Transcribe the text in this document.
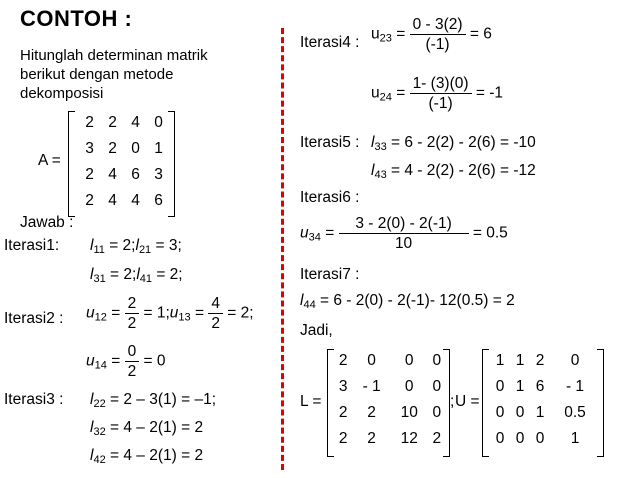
CONTOH :
Hitunglah determinan matrik
berikut dengan metode
dekomposisi
A =
2	2	4	0
3	2	0	1
2	4	6	3
2	4	4	6
Jawab :
Iterasi1: $l_{11}$ = $2;l_{21} = 3$;
$l_{31}$ = $2;l_{41} = 2$;
Iterasi2 : $u_{12} = \frac{2}{2}$ = $1;u_{13} = \frac{4}{2} = 2$;
$u_{14} = \frac{0}{2} = 0$
Iterasi3 : $l_{22} = 2 - 3(1) = -1$;
$l_{32} = 4 - 2(1) = 2$
$l_{42} = 4 - 2(1) = 2$
Iterasi4 : $u_{23} = \frac{0 - 3(2)}{(-1)} = 6$
$u_{24} = \frac{1- (3)(0)}{(-1)} = -1$
Iterasi5 : $l_{33} = 6 - 2(2) - 2(6) = -10$
$l_{43} = 4 - 2(2) - 2(6) = -12$
Iterasi6 :
$u_{34} = \frac{3 - 2(0) - 2(-1)}{10} = 0.5$
Iterasi7 :
$l_{44} = 6 - 2(0) - 2(-1)-$ 12(0.5) = 2
Jadi,
L =
2	0	0	0
3	- 1	0	0
2	2	10	0
2	2	12	2
; U =
1	1	2	0
0	1	6	- 1
0	0	1	0.5
0	0	0	1
